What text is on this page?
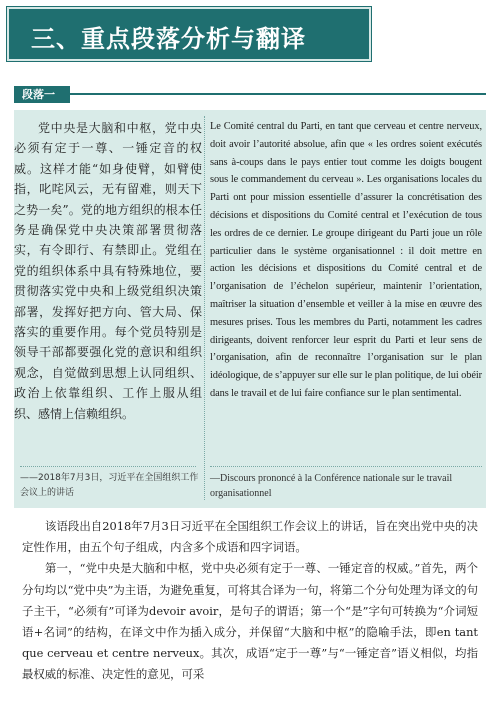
三、重点段落分析与翻译
段落一
党中央是大脑和中枢，党中央必须有定于一尊、一锤定音的权威。这样才能“如身使臂，如臂使指，叱咤风云，无有留难，则天下之势一矣”。党的地方组织的根本任务是确保党中央决策部署贯彻落实，有令即行、有禁即止。党组在党的组织体系中具有特殊地位，要贯彻落实党中央和上级党组织决策部署，发挥好把方向、管大局、保落实的重要作用。每个党员特别是领导干部都要强化党的意识和组织观念，自觉做到思想上认同组织、政治上依靠组织、工作上服从组织、感情上信赖组织。
Le Comité central du Parti, en tant que cerveau et centre nerveux, doit avoir l’autorité absolue, afin que « les ordres soient exécutés sans à-coups dans le pays entier tout comme les doigts bougent sous le commandement du cerveau ». Les organisations locales du Parti ont pour mission essentielle d’assurer la concrétisation des décisions et dispositions du Comité central et l’exécution de tous les ordres de ce dernier. Le groupe dirigeant du Parti joue un rôle particulier dans le système organisationnel : il doit mettre en action les décisions et dispositions du Comité central et de l’organisation de l’échelon supérieur, maintenir l’orientation, maîtriser la situation d’ensemble et veiller à la mise en œuvre des mesures prises. Tous les membres du Parti, notamment les cadres dirigeants, doivent renforcer leur esprit du Parti et leur sens de l’organisation, afin de reconnaître l’organisation sur le plan idéologique, de s’appuyer sur elle sur le plan politique, de lui obéir dans le travail et de lui faire confiance sur le plan sentimental.
——2018年7月3日，习近平在全国组织工作会议上的讲话
—Discours prononcé à la Conférence nationale sur le travail organisationnel

该语段出自2018年7月3日习近平在全国组织工作会议上的讲话，旨在突出党中央的决定性作用，由五个句子组成，内含多个成语和四字词语。

第一，“党中央是大脑和中枢，党中央必须有定于一尊、一锤定音的权威。”首先，两个分句均以“党中央”为主语，为避免重复，可将其合译为一句，将第二个分句处理为译文的句子主干，“必须有”可译为devoir avoir，是句子的谓语；第一个“是”字句可转换为“介词短语+名词”的结构，在译文中作为插入成分，并保留“大脑和中枢”的隐喻手法，即en tant que cerveau et centre nerveux。其次，成语“定于一尊”与“一锤定音”语义相似，均指最权威的标准、决定性的意见，可采
